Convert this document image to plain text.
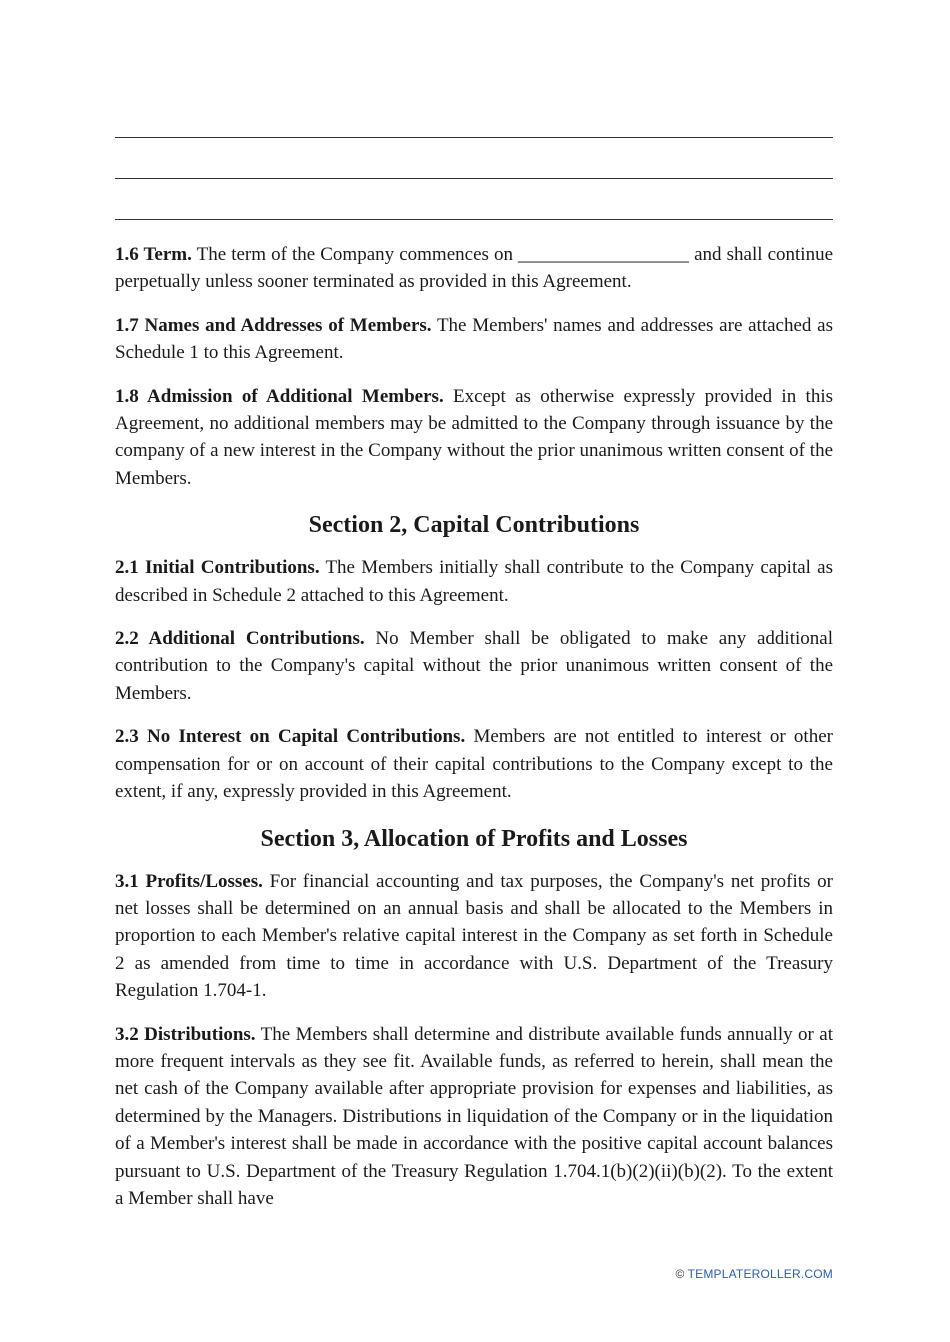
1.6 Term. The term of the Company commences on __________________ and shall continue perpetually unless sooner terminated as provided in this Agreement.

1.7 Names and Addresses of Members. The Members' names and addresses are attached as Schedule 1 to this Agreement.

1.8 Admission of Additional Members. Except as otherwise expressly provided in this Agreement, no additional members may be admitted to the Company through issuance by the company of a new interest in the Company without the prior unanimous written consent of the Members.

Section 2, Capital Contributions

2.1 Initial Contributions. The Members initially shall contribute to the Company capital as described in Schedule 2 attached to this Agreement.

2.2 Additional Contributions. No Member shall be obligated to make any additional contribution to the Company's capital without the prior unanimous written consent of the Members.

2.3 No Interest on Capital Contributions. Members are not entitled to interest or other compensation for or on account of their capital contributions to the Company except to the extent, if any, expressly provided in this Agreement.

Section 3, Allocation of Profits and Losses

3.1 Profits/Losses. For financial accounting and tax purposes, the Company's net profits or net losses shall be determined on an annual basis and shall be allocated to the Members in proportion to each Member's relative capital interest in the Company as set forth in Schedule 2 as amended from time to time in accordance with U.S. Department of the Treasury Regulation 1.704-1.

3.2 Distributions. The Members shall determine and distribute available funds annually or at more frequent intervals as they see fit. Available funds, as referred to herein, shall mean the net cash of the Company available after appropriate provision for expenses and liabilities, as determined by the Managers. Distributions in liquidation of the Company or in the liquidation of a Member's interest shall be made in accordance with the positive capital account balances pursuant to U.S. Department of the Treasury Regulation 1.704.1(b)(2)(ii)(b)(2). To the extent a Member shall have

© TEMPLATEROLLER.COM
